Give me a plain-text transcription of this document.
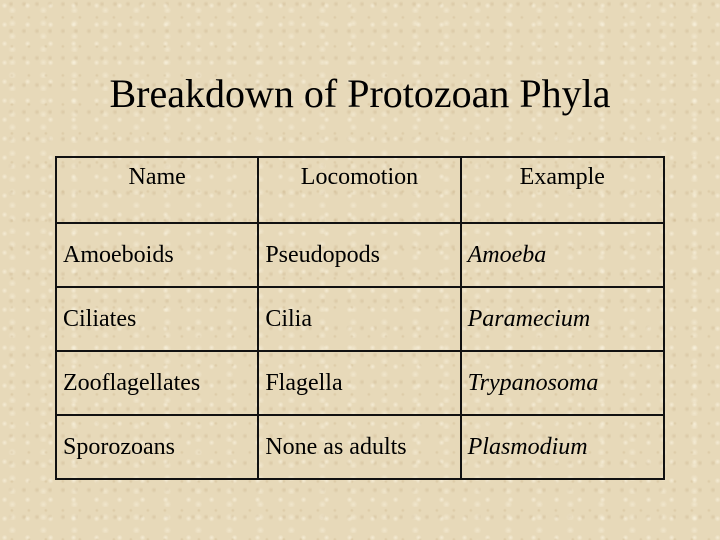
Breakdown of Protozoan Phyla
Name	Locomotion	Example
Amoeboids	Pseudopods	Amoeba
Ciliates	Cilia	Paramecium
Zooflagellates	Flagella	Trypanosoma
Sporozoans	None as adults	Plasmodium
